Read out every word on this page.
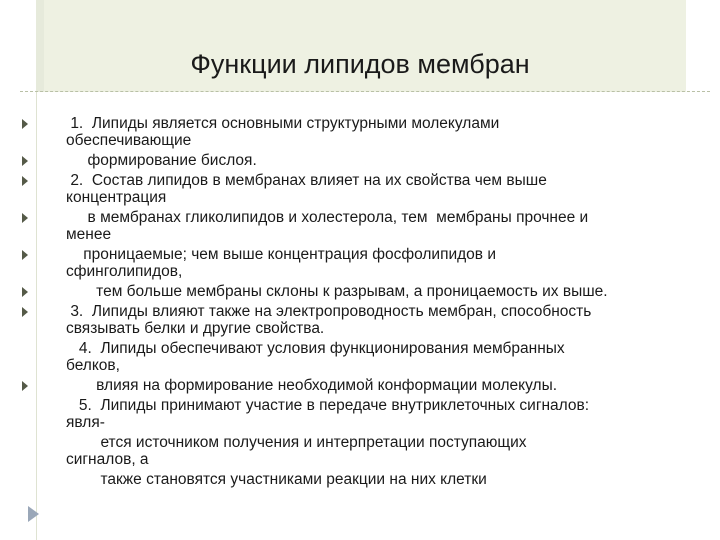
Функции липидов мембран
1.  Липиды является основными структурными молекулами
обеспечивающие
формирование бислоя.
2.  Состав липидов в мембранах влияет на их свойства чем выше
концентрация
в мембранах гликолипидов и холестерола, тем  мембраны прочнее и
менее
проницаемые; чем выше концентрация фосфолипидов и
сфинголипидов,
тем больше мембраны склоны к разрывам, а проницаемость их выше.
3.  Липиды влияют также на электропроводность мембран, способность
связывать белки и другие свойства.
4.  Липиды обеспечивают условия функционирования мембранных
белков,
влияя на формирование необходимой конформации молекулы.
5.  Липиды принимают участие в передаче внутриклеточных сигналов:
явля-
ется источником получения и интерпретации поступающих
сигналов, а
также становятся участниками реакции на них клетки
